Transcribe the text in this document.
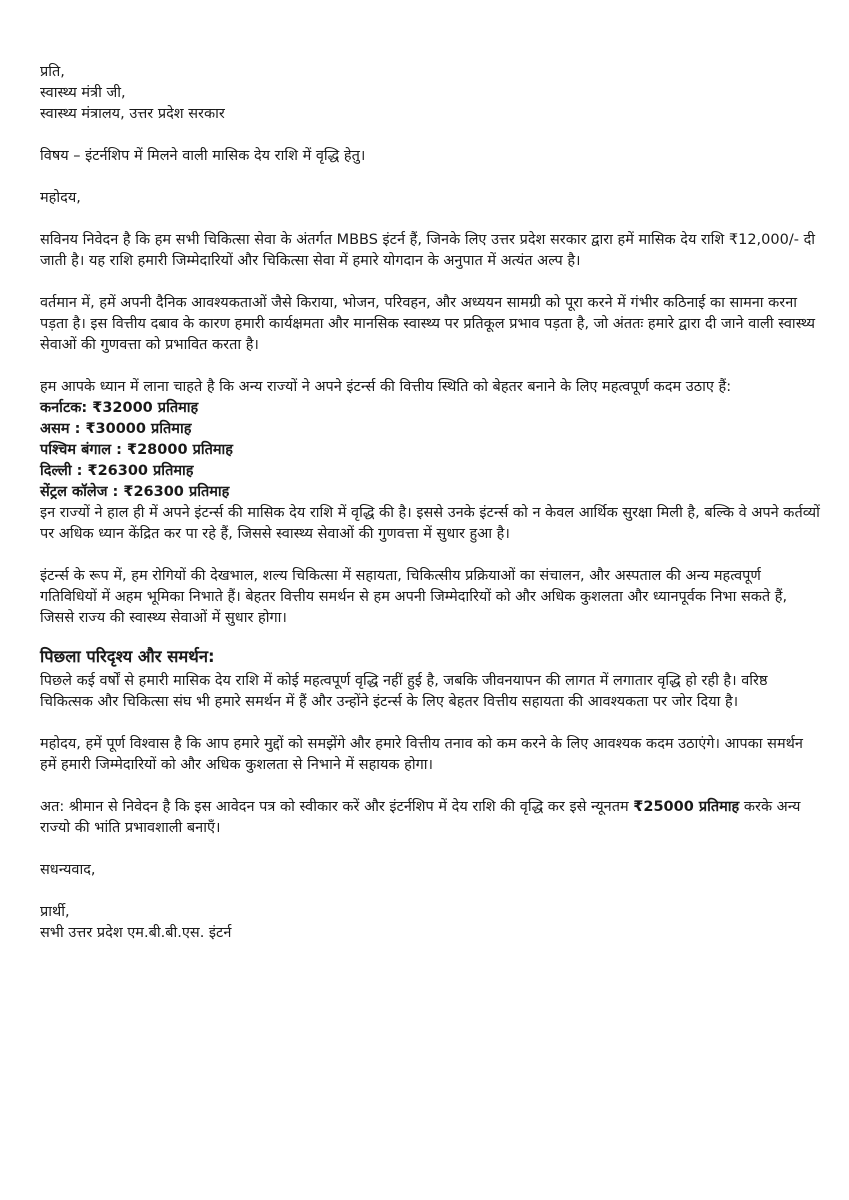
प्रति,
स्वास्थ्य मंत्री जी,
स्वास्थ्य मंत्रालय, उत्तर प्रदेश सरकार

विषय – इंटर्नशिप में मिलने वाली मासिक देय राशि में वृद्धि हेतु।

महोदय,

सविनय निवेदन है कि हम सभी चिकित्सा सेवा के अंतर्गत MBBS इंटर्न हैं, जिनके लिए उत्तर प्रदेश सरकार द्वारा हमें मासिक देय राशि ₹12,000/- दी जाती है। यह राशि हमारी जिम्मेदारियों और चिकित्सा सेवा में हमारे योगदान के अनुपात में अत्यंत अल्प है।

वर्तमान में, हमें अपनी दैनिक आवश्यकताओं जैसे किराया, भोजन, परिवहन, और अध्ययन सामग्री को पूरा करने में गंभीर कठिनाई का सामना करना पड़ता है। इस वित्तीय दबाव के कारण हमारी कार्यक्षमता और मानसिक स्वास्थ्य पर प्रतिकूल प्रभाव पड़ता है, जो अंततः हमारे द्वारा दी जाने वाली स्वास्थ्य सेवाओं की गुणवत्ता को प्रभावित करता है।

हम आपके ध्यान में लाना चाहते है कि अन्य राज्यों ने अपने इंटर्न्स की वित्तीय स्थिति को बेहतर बनाने के लिए महत्वपूर्ण कदम उठाए हैं:

कर्नाटक: ₹32000 प्रतिमाह
असम : ₹30000 प्रतिमाह
पश्चिम बंगाल : ₹28000 प्रतिमाह
दिल्ली : ₹26300 प्रतिमाह
सेंट्रल कॉलेज : ₹26300 प्रतिमाह

इन राज्यों ने हाल ही में अपने इंटर्न्स की मासिक देय राशि में वृद्धि की है। इससे उनके इंटर्न्स को न केवल आर्थिक सुरक्षा मिली है, बल्कि वे अपने कर्तव्यों पर अधिक ध्यान केंद्रित कर पा रहे हैं, जिससे स्वास्थ्य सेवाओं की गुणवत्ता में सुधार हुआ है।

इंटर्न्स के रूप में, हम रोगियों की देखभाल, शल्य चिकित्सा में सहायता, चिकित्सीय प्रक्रियाओं का संचालन, और अस्पताल की अन्य महत्वपूर्ण गतिविधियों में अहम भूमिका निभाते हैं। बेहतर वित्तीय समर्थन से हम अपनी जिम्मेदारियों को और अधिक कुशलता और ध्यानपूर्वक निभा सकते हैं, जिससे राज्य की स्वास्थ्य सेवाओं में सुधार होगा।

पिछला परिदृश्य और समर्थन:

पिछले कई वर्षों से हमारी मासिक देय राशि में कोई महत्वपूर्ण वृद्धि नहीं हुई है, जबकि जीवनयापन की लागत में लगातार वृद्धि हो रही है। वरिष्ठ चिकित्सक और चिकित्सा संघ भी हमारे समर्थन में हैं और उन्होंने इंटर्न्स के लिए बेहतर वित्तीय सहायता की आवश्यकता पर जोर दिया है।

महोदय, हमें पूर्ण विश्वास है कि आप हमारे मुद्दों को समझेंगे और हमारे वित्तीय तनाव को कम करने के लिए आवश्यक कदम उठाएंगे। आपका समर्थन हमें हमारी जिम्मेदारियों को और अधिक कुशलता से निभाने में सहायक होगा।

अत: श्रीमान से निवेदन है कि इस आवेदन पत्र को स्वीकार करें और इंटर्नशिप में देय राशि की वृद्धि कर इसे न्यूनतम ₹25000 प्रतिमाह करके अन्य राज्यो की भांति प्रभावशाली बनाएँ।

सधन्यवाद,

प्रार्थी,
सभी उत्तर प्रदेश एम.बी.बी.एस. इंटर्न
